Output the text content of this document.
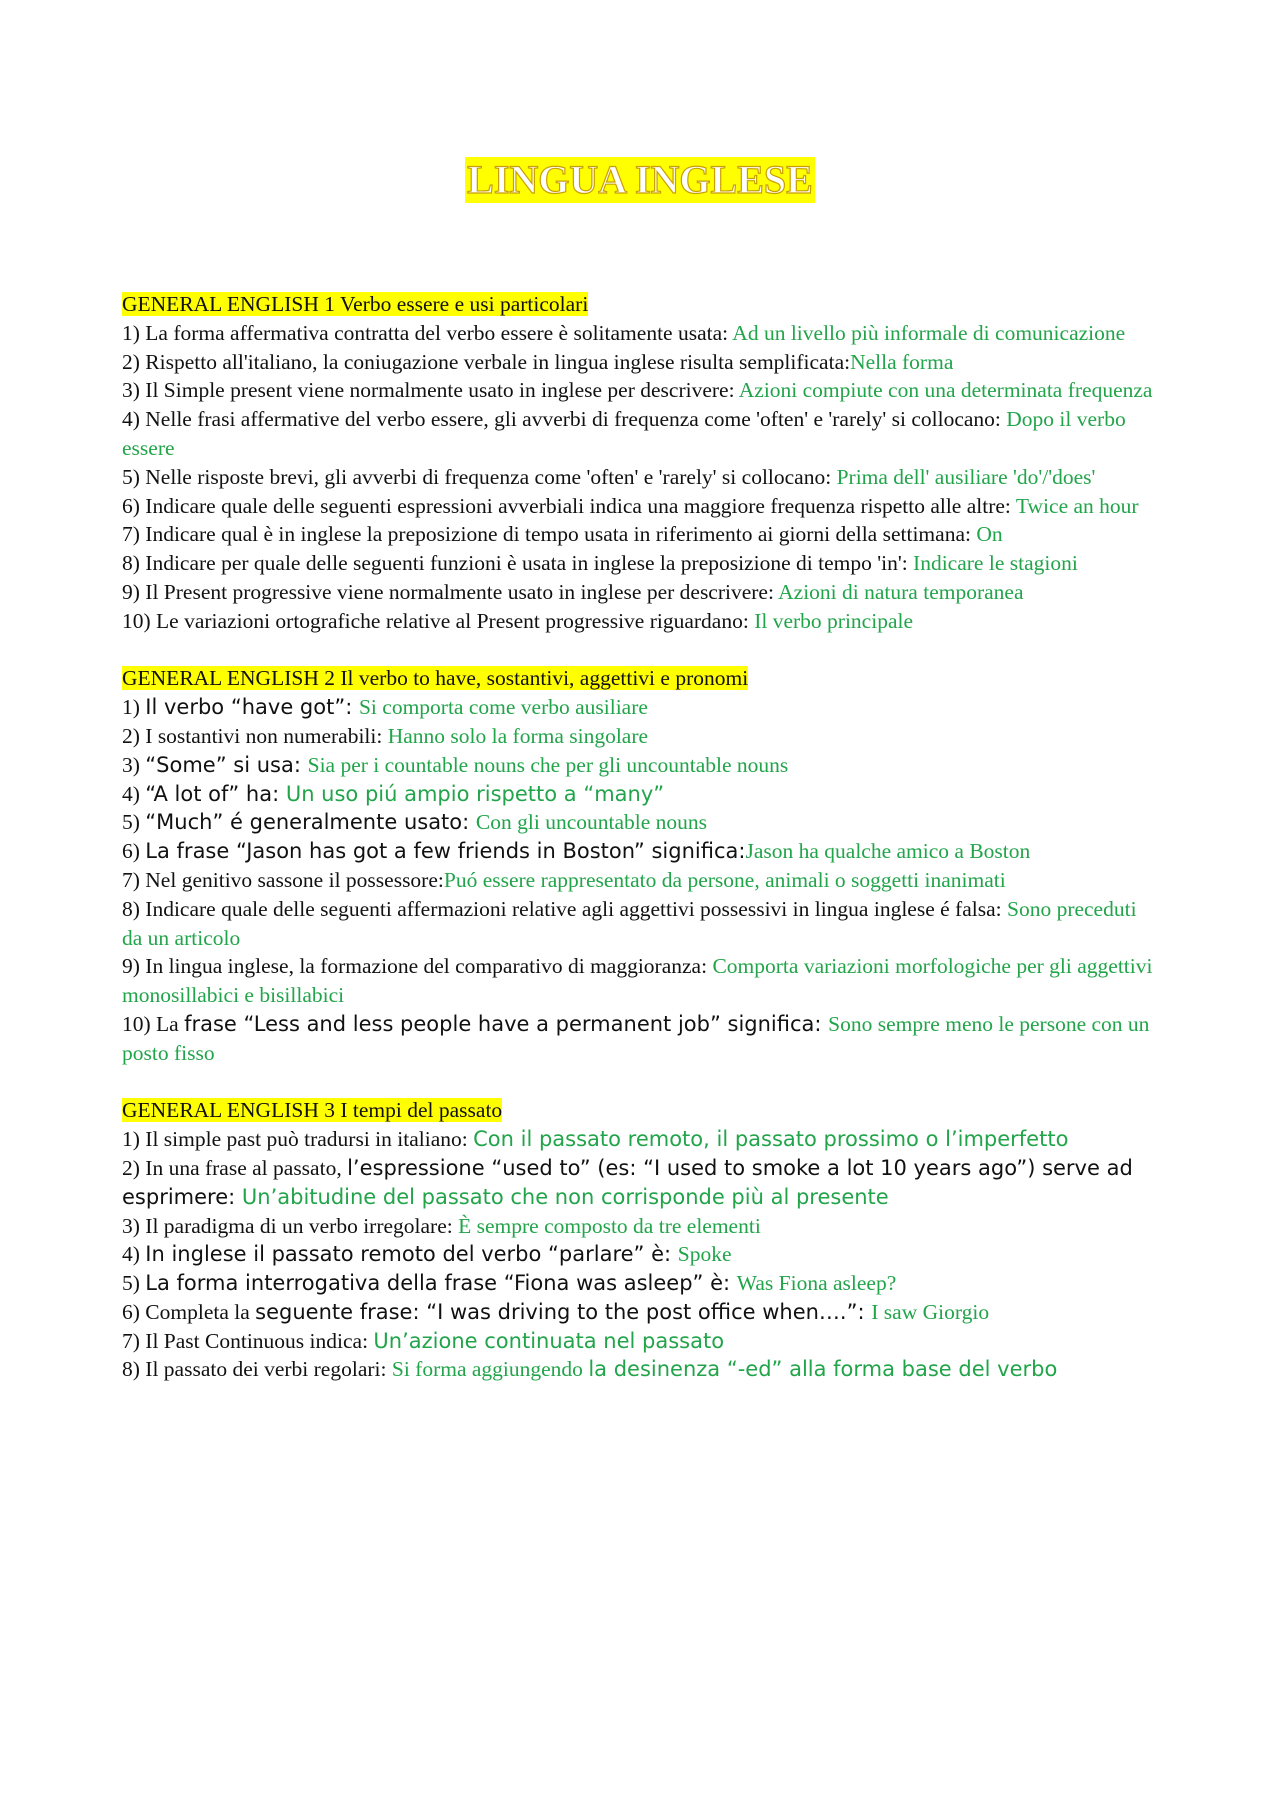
LINGUA INGLESE
GENERAL ENGLISH 1 Verbo essere e usi particolari

1) La forma affermativa contratta del verbo essere è solitamente usata: Ad un livello più informale di comunicazione

2) Rispetto all'italiano, la coniugazione verbale in lingua inglese risulta semplificata:Nella forma

3) Il Simple present viene normalmente usato in inglese per descrivere: Azioni compiute con una determinata frequenza

4) Nelle frasi affermative del verbo essere, gli avverbi di frequenza come 'often' e 'rarely' si collocano: Dopo il verbo essere

5) Nelle risposte brevi, gli avverbi di frequenza come 'often' e 'rarely' si collocano: Prima dell' ausiliare 'do'/'does'

6) Indicare quale delle seguenti espressioni avverbiali indica una maggiore frequenza rispetto alle altre: Twice an hour

7) Indicare qual è in inglese la preposizione di tempo usata in riferimento ai giorni della settimana: On

8) Indicare per quale delle seguenti funzioni è usata in inglese la preposizione di tempo 'in': Indicare le stagioni

9) Il Present progressive viene normalmente usato in inglese per descrivere: Azioni di natura temporanea

10) Le variazioni ortografiche relative al Present progressive riguardano: Il verbo principale

GENERAL ENGLISH 2 Il verbo to have, sostantivi, aggettivi e pronomi

1) Il verbo “have got”: Si comporta come verbo ausiliare

2) I sostantivi non numerabili: Hanno solo la forma singolare

3) “Some” si usa: Sia per i countable nouns che per gli uncountable nouns

4) “A lot of” ha: Un uso piú ampio rispetto a “many”

5) “Much” é generalmente usato: Con gli uncountable nouns

6) La frase “Jason has got a few friends in Boston” significa:Jason ha qualche amico a Boston

7) Nel genitivo sassone il possessore:Puó essere rappresentato da persone, animali o soggetti inanimati

8) Indicare quale delle seguenti affermazioni relative agli aggettivi possessivi in lingua inglese é falsa: Sono preceduti da un articolo

9) In lingua inglese, la formazione del comparativo di maggioranza: Comporta variazioni morfologiche per gli aggettivi monosillabici e bisillabici

10) La frase “Less and less people have a permanent job” significa: Sono sempre meno le persone con un posto fisso

GENERAL ENGLISH 3 I tempi del passato

1) Il simple past può tradursi in italiano: Con il passato remoto, il passato prossimo o l’imperfetto

2) In una frase al passato, l’espressione “used to” (es: “I used to smoke a lot 10 years ago”) serve ad esprimere: Un’abitudine del passato che non corrisponde più al presente

3) Il paradigma di un verbo irregolare: È sempre composto da tre elementi

4) In inglese il passato remoto del verbo “parlare” è: Spoke

5) La forma interrogativa della frase “Fiona was asleep” è: Was Fiona asleep?

6) Completa la seguente frase: “I was driving to the post office when….”: I saw Giorgio

7) Il Past Continuous indica: Un’azione continuata nel passato

8) Il passato dei verbi regolari: Si forma aggiungendo la desinenza “-ed” alla forma base del verbo
